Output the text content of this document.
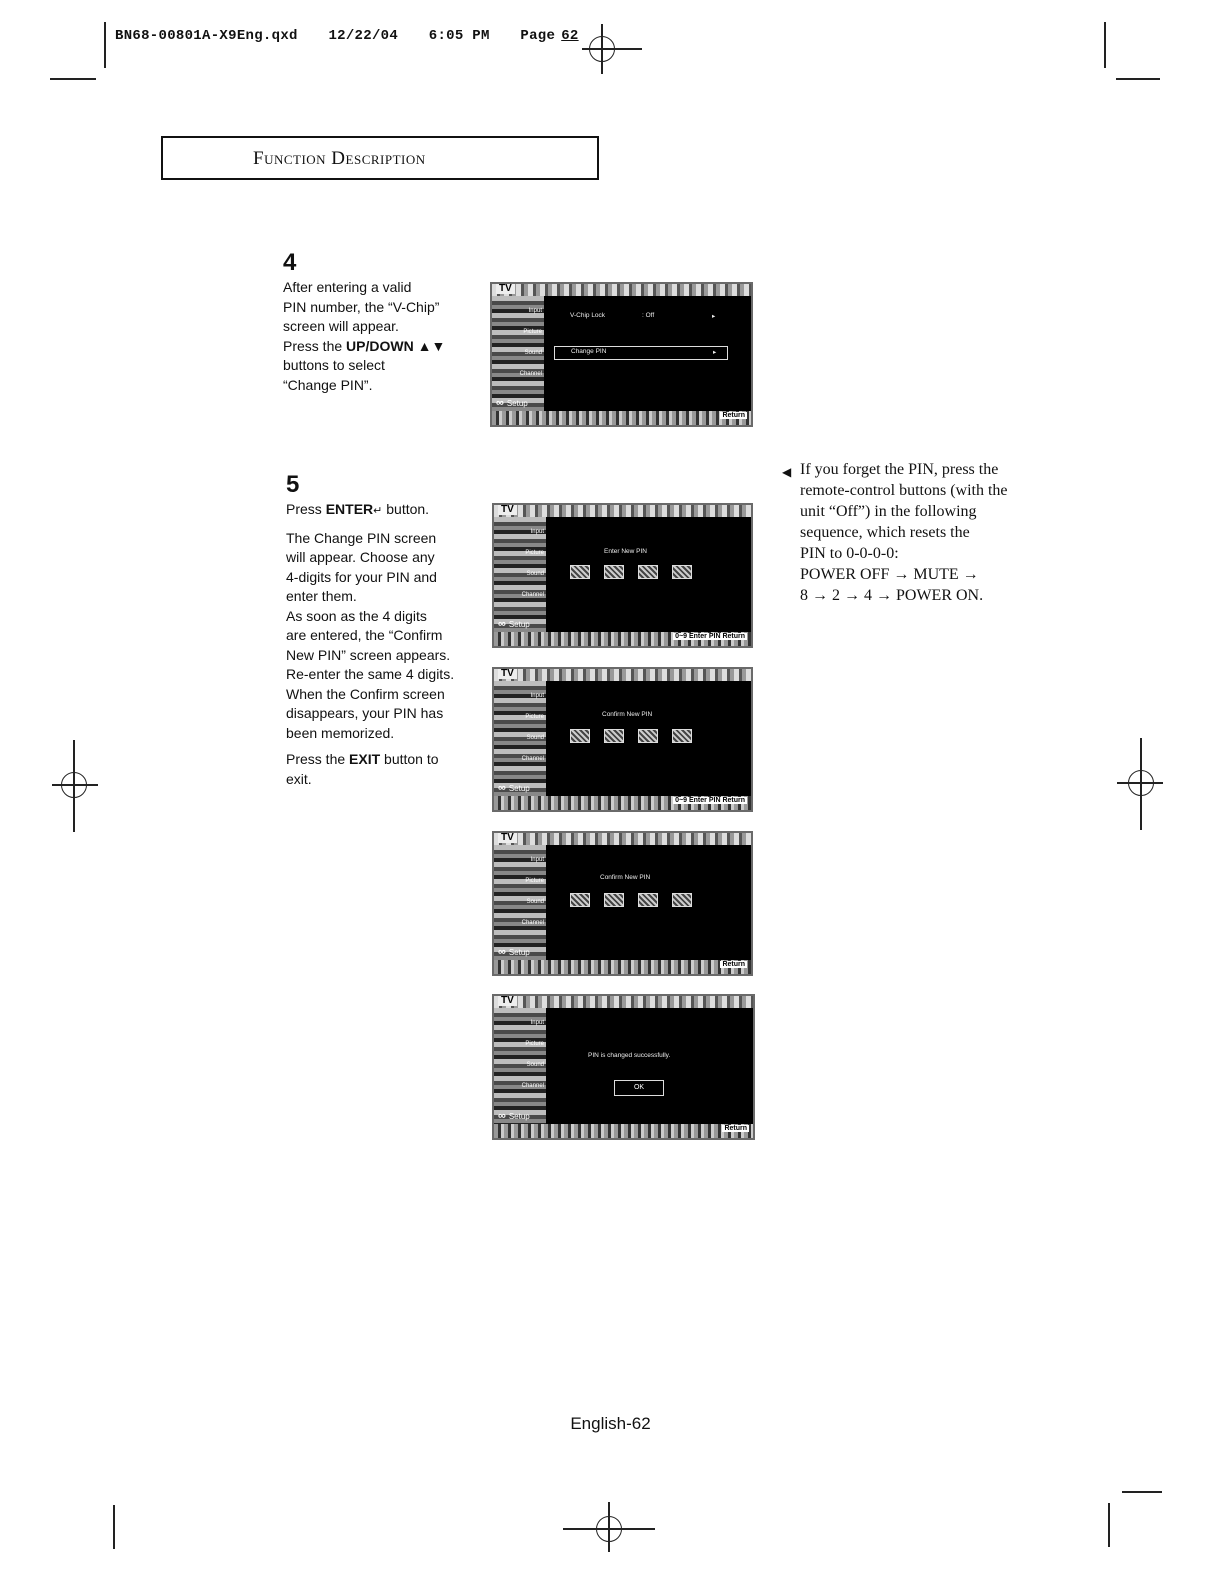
BN68-00801A-X9Eng.qxd 12/22/04 6:05 PM Page 62
Function Description
4
After entering a valid
PIN number, the “V-Chip”
screen will appear.
Press the UP/DOWN ▲▼
buttons to select
“Change PIN”.
5

Press ENTER↵ button.

The Change PIN screen
will appear. Choose any
4-digits for your PIN and
enter them.
As soon as the 4 digits
are entered, the “Confirm
New PIN” screen appears.
Re-enter the same 4 digits.
When the Confirm screen
disappears, your PIN has
been memorized.

Press the EXIT button to
exit.

◀ If you forget the PIN, press the
remote-control buttons (with the
unit “Off”) in the following
sequence, which resets the
PIN to 0-0-0-0:
POWER OFF → MUTE →
8 → 2 → 4 → POWER ON.
TV
Input
Picture
Sound
Channel
∞ Setup
V-Chip Lock	: Off	▸
Change PIN	▸
Return
TV
Input
Picture
Sound
Channel
∞ Setup
Enter New PIN
0~9 Enter PIN Return
TV
Input
Picture
Sound
Channel
∞ Setup
Confirm New PIN
0~9 Enter PIN Return
TV
Input
Picture
Sound
Channel
∞ Setup
Confirm New PIN
Return
TV
Input
Picture
Sound
Channel
∞ Setup
PIN is changed successfully.
OK
Return
English-62
